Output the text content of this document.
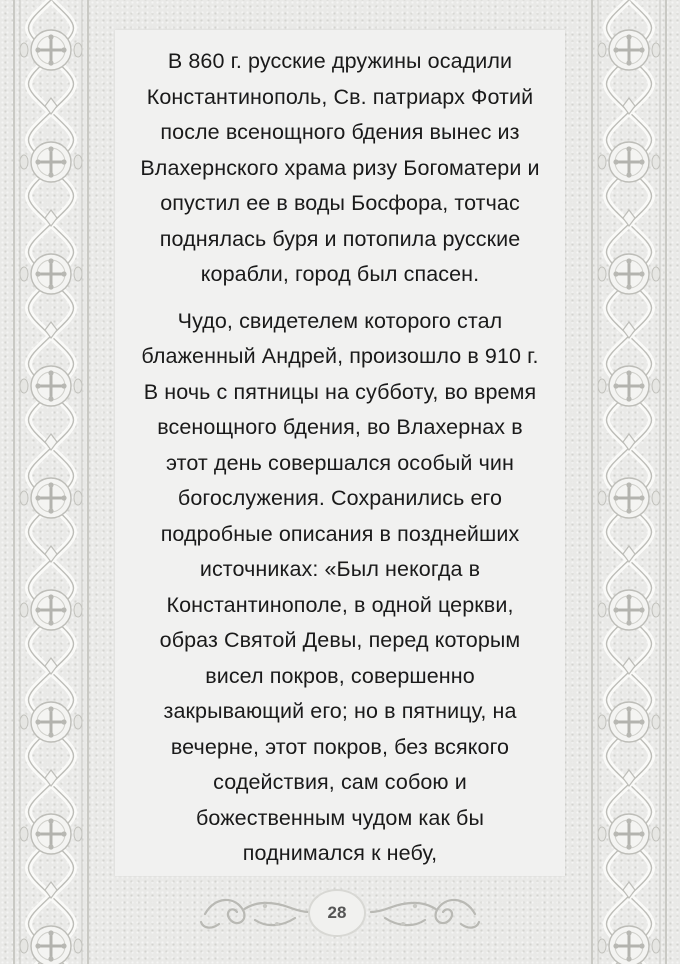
В 860 г. русские дружины осадили
Константинополь, Св. патриарх Фотий
после всенощного бдения вынес из
Влахернского храма ризу Богоматери и
опустил ее в воды Босфора, тотчас
поднялась буря и потопила русские
корабли, город был спасен.

Чудо, свидетелем которого стал
блаженный Андрей, произошло в 910 г.
В ночь с пятницы на субботу, во время
всенощного бдения, во Влахернах в
этот день совершался особый чин
богослужения. Сохранились его
подробные описания в позднейших
источниках: «Был некогда в
Константинополе, в одной церкви,
образ Святой Девы, перед которым
висел покров, совершенно
закрывающий его; но в пятницу, на
вечерне, этот покров, без всякого
содействия, сам собою и
божественным чудом как бы
поднимался к небу,

28
